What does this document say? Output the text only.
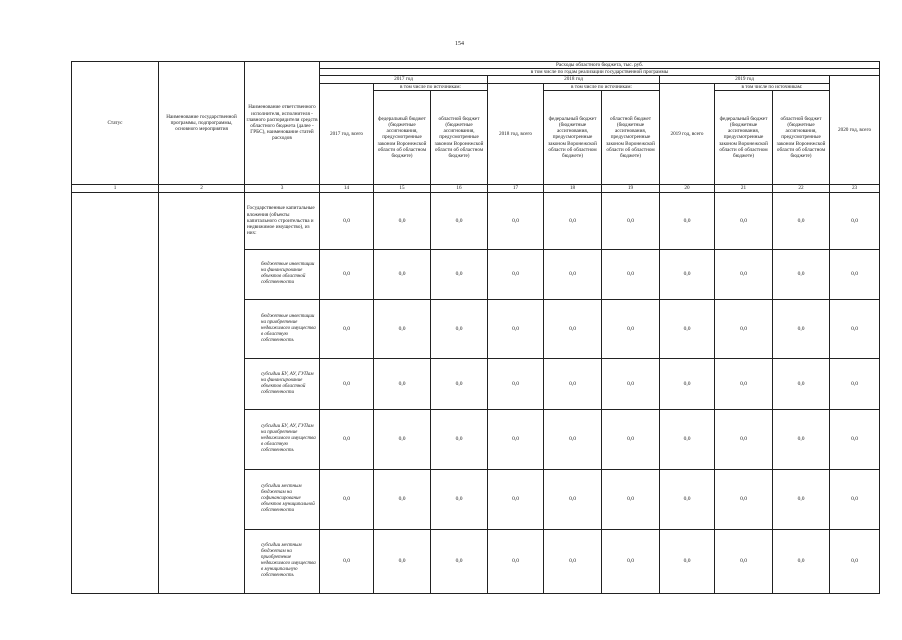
154
Статус	Наименование государственной программы, подпрограммы, основного мероприятия	Наименование ответственного исполнителя, исполнителя - главного распорядителя средств областного бюджета (далее - ГРБС), наименование статей расходов	Расходы областного бюджета, тыс. руб.									
			в том числе по годам реализации государственной программы									
			2017 год			2018 год			2019 год			2020 год, всего
			2017 год, всего	в том числе по источникам:		2018 год, всего	в том числе по источникам:		2019 год, всего	в том числе по источникам:		
				федеральный бюджет (бюджетные ассигнования, предусмотренные законом Воронежской области об областном бюджете)	областной бюджет (бюджетные ассигнования, предусмотренные законом Воронежской области об областном бюджете)		федеральный бюджет (бюджетные ассигнования, предусмотренные законом Воронежской области об областном бюджете)	областной бюджет (бюджетные ассигнования, предусмотренные законом Воронежской области об областном бюджете)		федеральный бюджет (бюджетные ассигнования, предусмотренные законом Воронежской области об областном бюджете)	областной бюджет (бюджетные ассигнования, предусмотренные законом Воронежской области об областном бюджете)	
1	2	3	14	15	16	17	18	19	20	21	22	23
		Государственные капитальные вложения (объекты капитального строительства и недвижимое имущество), из них:	0,0	0,0	0,0	0,0	0,0	0,0	0,0	0,0	0,0	0,0
		бюджетные инвестиции на финансирование объектов областной собственности	0,0	0,0	0,0	0,0	0,0	0,0	0,0	0,0	0,0	0,0
		бюджетные инвестиции на приобретение недвижимого имущества в областную собственность	0,0	0,0	0,0	0,0	0,0	0,0	0,0	0,0	0,0	0,0
		субсидии БУ, АУ, ГУПам на финансирование объектов областной собственности	0,0	0,0	0,0	0,0	0,0	0,0	0,0	0,0	0,0	0,0
		субсидии БУ, АУ, ГУПам на приобретение недвижимого имущества в областную собственность	0,0	0,0	0,0	0,0	0,0	0,0	0,0	0,0	0,0	0,0
		субсидии местным бюджетам на софинансирование объектов муниципальной собственности	0,0	0,0	0,0	0,0	0,0	0,0	0,0	0,0	0,0	0,0
		субсидии местным бюджетам на приобретение недвижимого имущества в муниципальную собственность	0,0	0,0	0,0	0,0	0,0	0,0	0,0	0,0	0,0	0,0
